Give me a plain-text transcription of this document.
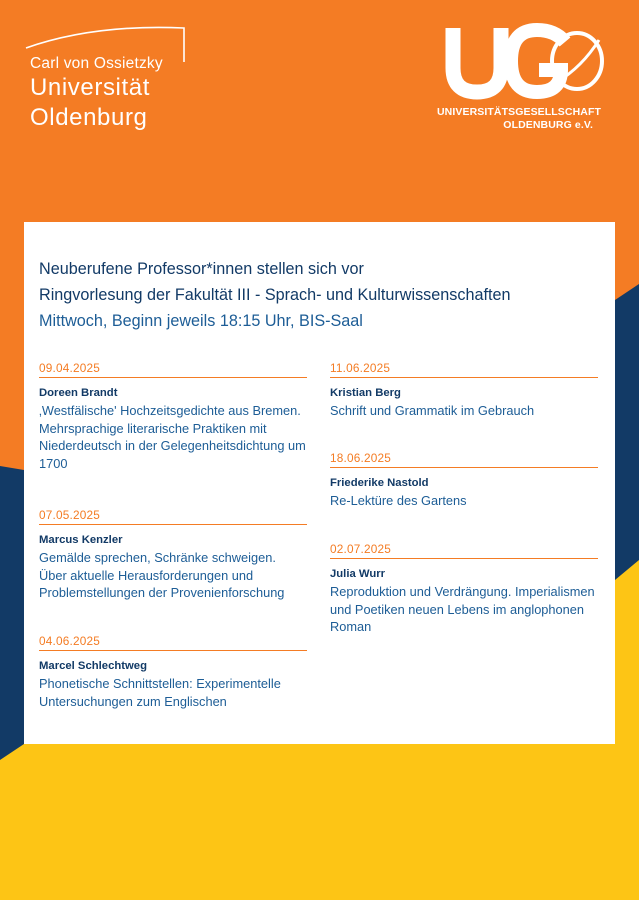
Carl von Ossietzky
Universität
Oldenburg	UNIVERSITÄTSGESELLSCHAFT
OLDENBURG e.V.
Neuberufene Professor*innen stellen sich vor
Ringvorlesung der Fakultät III - Sprach- und Kulturwissenschaften
Mittwoch, Beginn jeweils 18:15 Uhr, BIS-Saal
09.04.2025
Doreen Brandt
‚Westfälische' Hochzeitsgedichte aus Bremen. Mehrsprachige literarische Praktiken mit Niederdeutsch in der Gelegenheitsdichtung um 1700
07.05.2025
Marcus Kenzler
Gemälde sprechen, Schränke schweigen. Über aktuelle Herausforderungen und Problemstellungen der Provenienforschung
04.06.2025
Marcel Schlechtweg
Phonetische Schnittstellen: Experimentelle Untersuchungen zum Englischen
11.06.2025
Kristian Berg
Schrift und Grammatik im Gebrauch
18.06.2025
Friederike Nastold
Re-Lektüre des Gartens
02.07.2025
Julia Wurr
Reproduktion und Verdrängung. Imperialismen und Poetiken neuen Lebens im anglophonen Roman
